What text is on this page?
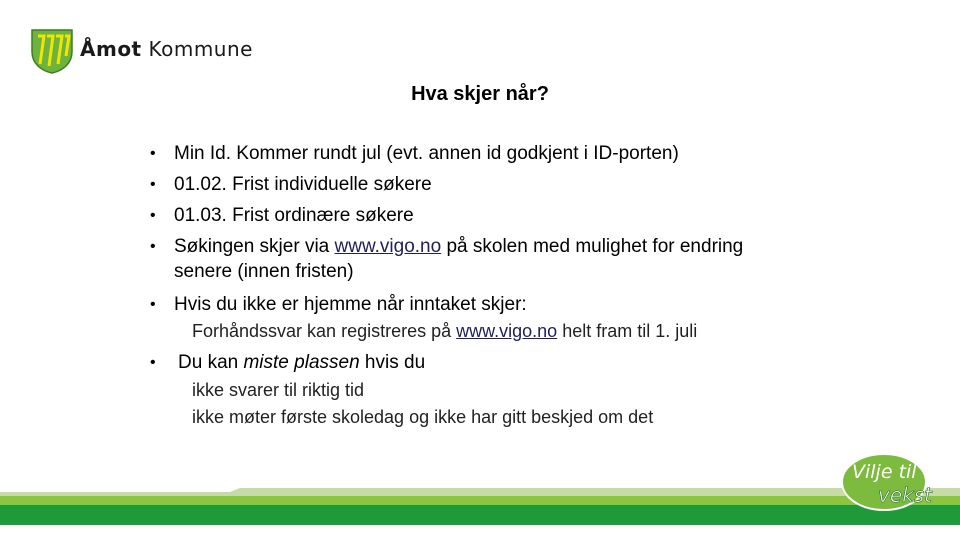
Åmot Kommune
Hva skjer når?
• Min Id. Kommer rundt jul (evt. annen id godkjent i ID-porten)
• 01.02. Frist individuelle søkere
• 01.03. Frist ordinære søkere
• Søkingen skjer via www.vigo.no på skolen med mulighet for endring
senere (innen fristen)
• Hvis du ikke er hjemme når inntaket skjer:
Forhåndssvar kan registreres på www.vigo.no helt fram til 1. juli
• Du kan miste plassen hvis du
ikke svarer til riktig tid
ikke møter første skoledag og ikke har gitt beskjed om det
Vilje til
vekst
